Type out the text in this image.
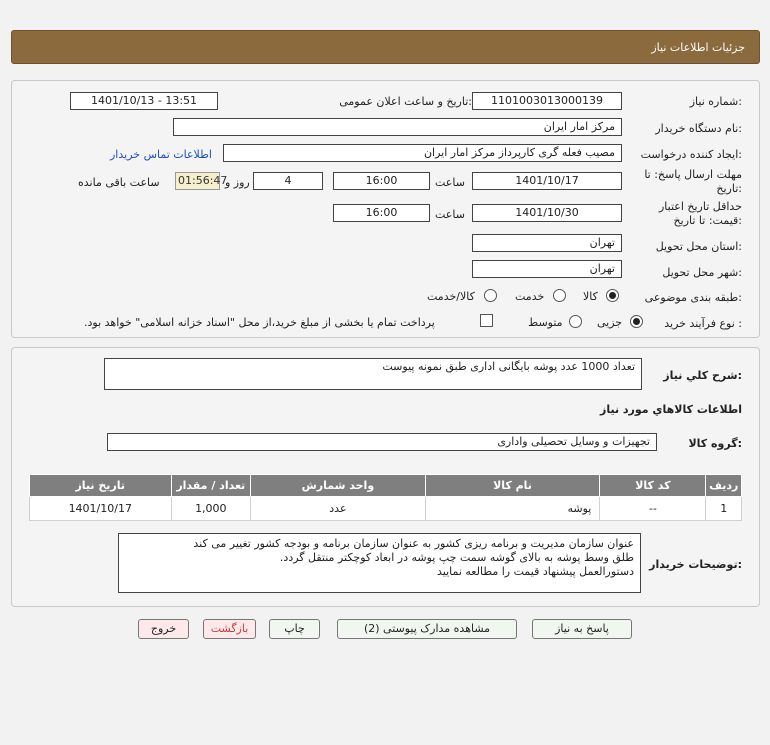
جزئیات اطلاعات نیاز
شماره نیاز:
1101003013000139
تاریخ و ساعت اعلان عمومی:
1401/10/13 - 13:51
نام دستگاه خریدار:
مرکز امار ایران
ایجاد کننده درخواست:
مصیب فعله گری کارپرداز مرکز امار ایران
اطلاعات تماس خریدار
مهلت ارسال پاسخ: تا
تاریخ:
1401/10/17
ساعت
16:00
4
روز و
01:56:47
ساعت باقی مانده
حداقل تاریخ اعتبار
قیمت: تا تاریخ:
1401/10/30
ساعت
16:00
استان محل تحویل:
تهران
شهر محل تحویل:
تهران
طبقه بندی موضوعی:
کالا
خدمت
کالا/خدمت
نوع فرآیند خرید :
جزیی
متوسط
پرداخت تمام یا بخشی از مبلغ خرید،از محل "اسناد خزانه اسلامی" خواهد بود.
شرح کلي نیاز:
تعداد 1000 عدد پوشه بایگانی اداری طبق نمونه پیوست
اطلاعات کالاهاي مورد نیاز
گروه کالا:
تجهیزات و وسایل تحصیلی واداری
ردیف	کد کالا	نام کالا	واحد شمارش	تعداد / مقدار	تاریخ نیاز
1	--	پوشه	عدد	1,000	1401/10/17
توضیحات خریدار:
عنوان سازمان مدیریت و برنامه ریزی کشور به عنوان سازمان برنامه و بودجه کشور تغییر می کند
طلق وسط پوشه به بالای گوشه سمت چپ پوشه در ابعاد کوچکتر منتقل گردد.
دستورالعمل پیشنهاد قیمت را مطالعه نمایید
پاسخ به نیاز
مشاهده مدارک پیوستی (2)
چاپ
بازگشت
خروج
